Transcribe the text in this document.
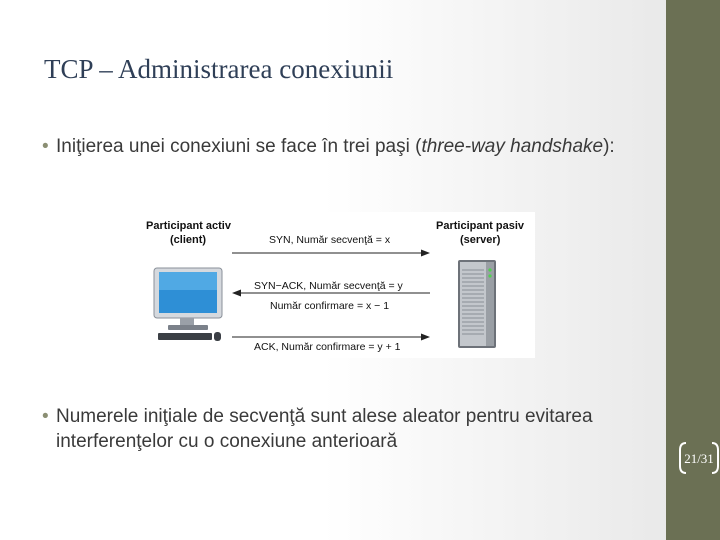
TCP – Administrarea conexiunii
• Iniţierea unei conexiuni se face în trei paşi (three-way handshake):
Participant activ
(client)
Participant pasiv
(server)
SYN, Număr secvenţă = x
SYN−ACK, Număr secvenţă = y
Număr confirmare = x − 1
ACK, Număr confirmare = y + 1
• Numerele iniţiale de secvenţă sunt alese aleator pentru evitarea interferenţelor cu o conexiune anterioară
21/31
